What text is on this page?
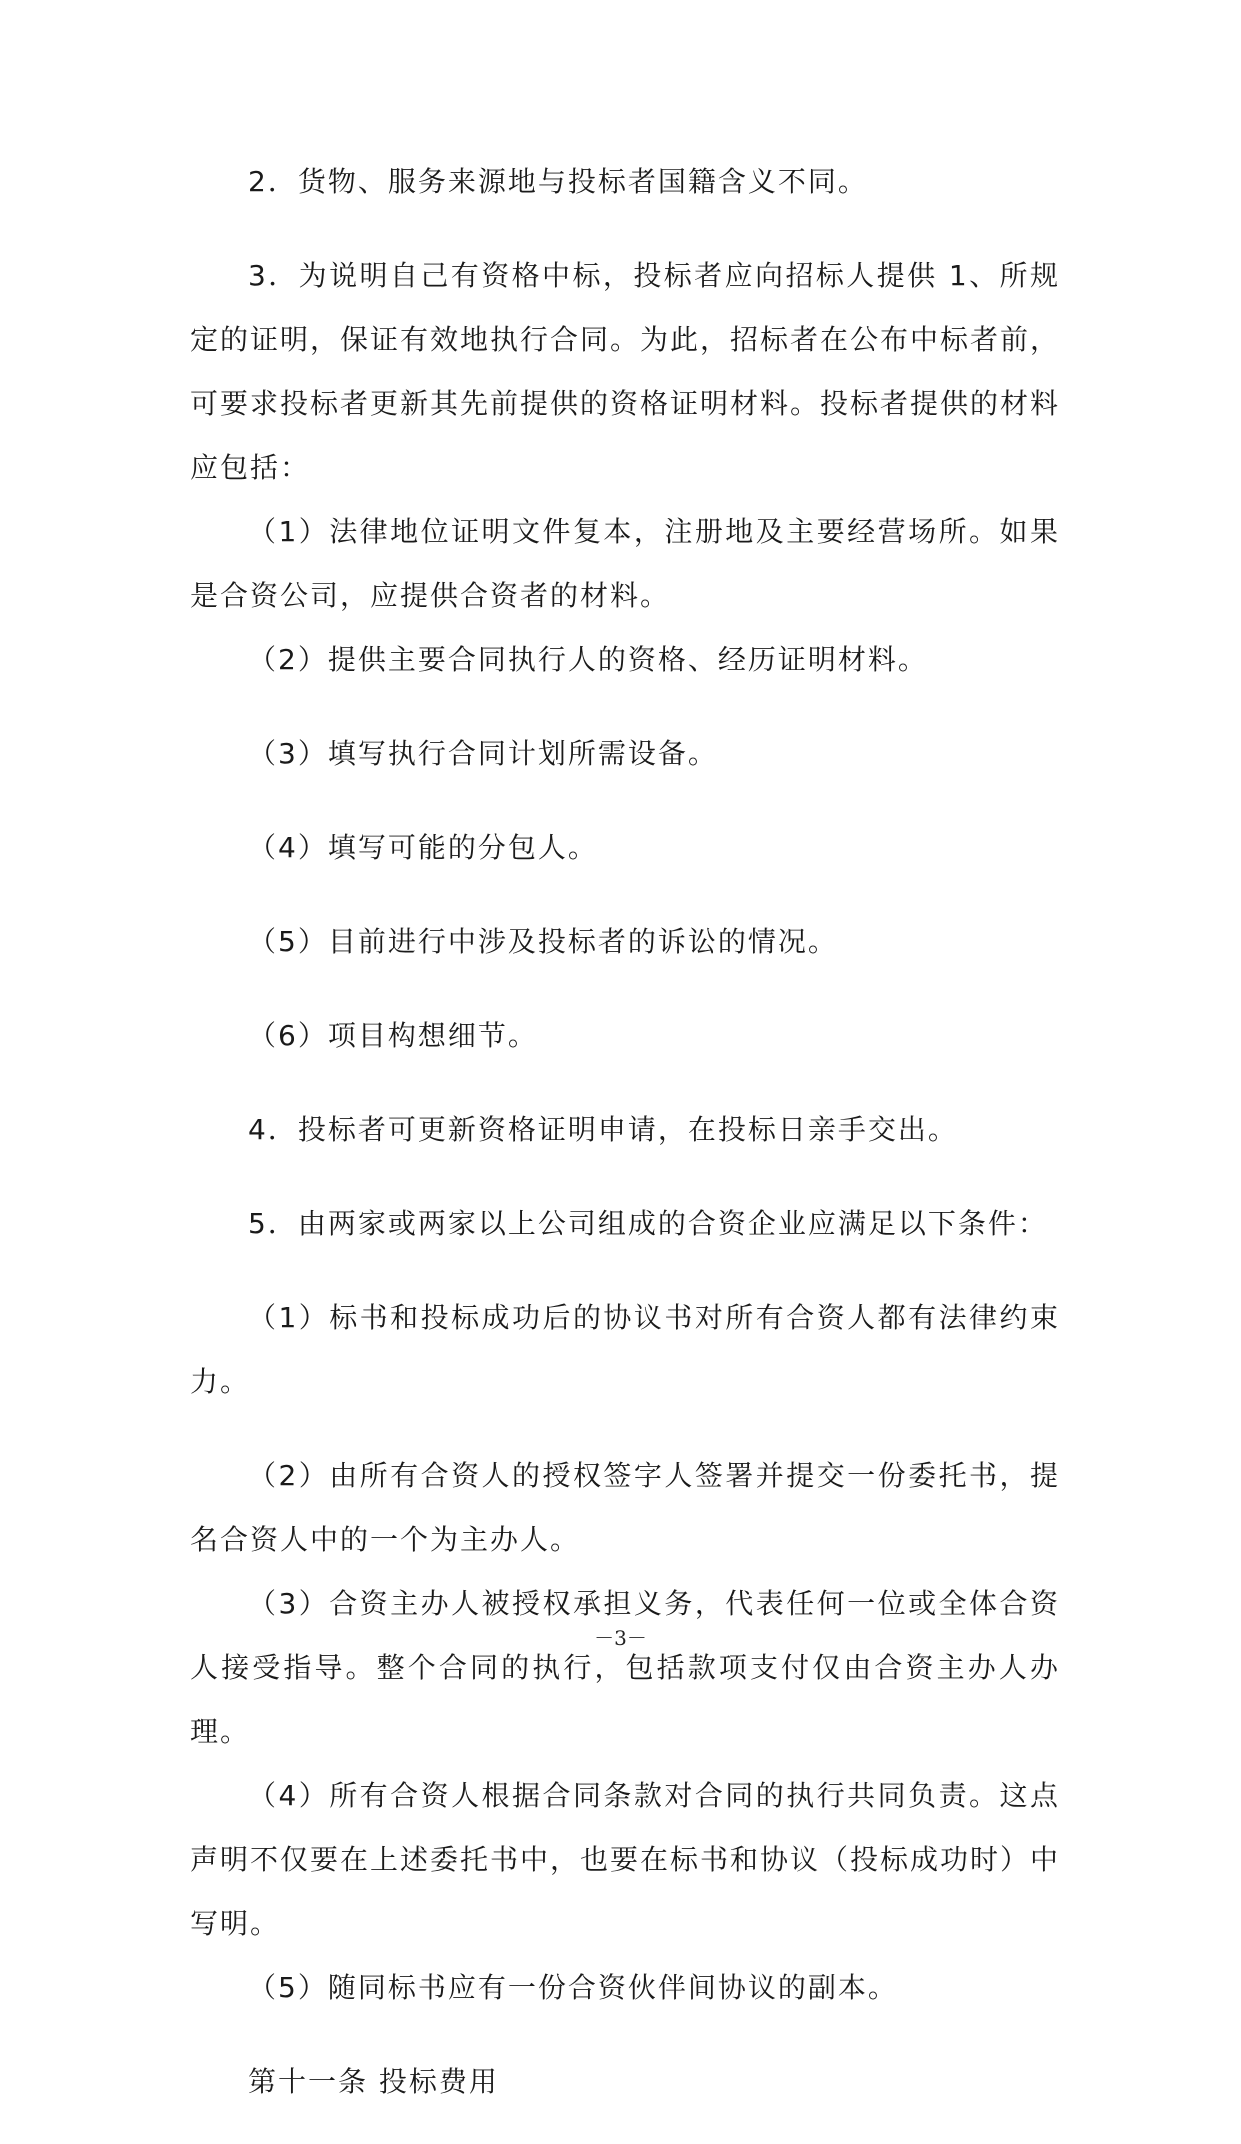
2．货物、服务来源地与投标者国籍含义不同。

3．为说明自己有资格中标，投标者应向招标人提供 1、所规定的证明，保证有效地执行合同。为此，招标者在公布中标者前，可要求投标者更新其先前提供的资格证明材料。投标者提供的材料应包括：

（1）法律地位证明文件复本，注册地及主要经营场所。如果是合资公司，应提供合资者的材料。

（2）提供主要合同执行人的资格、经历证明材料。

（3）填写执行合同计划所需设备。

（4）填写可能的分包人。

（5）目前进行中涉及投标者的诉讼的情况。

（6）项目构想细节。

4．投标者可更新资格证明申请，在投标日亲手交出。

5．由两家或两家以上公司组成的合资企业应满足以下条件：

（1）标书和投标成功后的协议书对所有合资人都有法律约束力。

（2）由所有合资人的授权签字人签署并提交一份委托书，提名合资人中的一个为主办人。

（3）合资主办人被授权承担义务，代表任何一位或全体合资人接受指导。整个合同的执行，包括款项支付仅由合资主办人办理。

（4）所有合资人根据合同条款对合同的执行共同负责。这点声明不仅要在上述委托书中，也要在标书和协议（投标成功时）中写明。

（5）随同标书应有一份合资伙伴间协议的副本。

第十一条 投标费用

－3－
